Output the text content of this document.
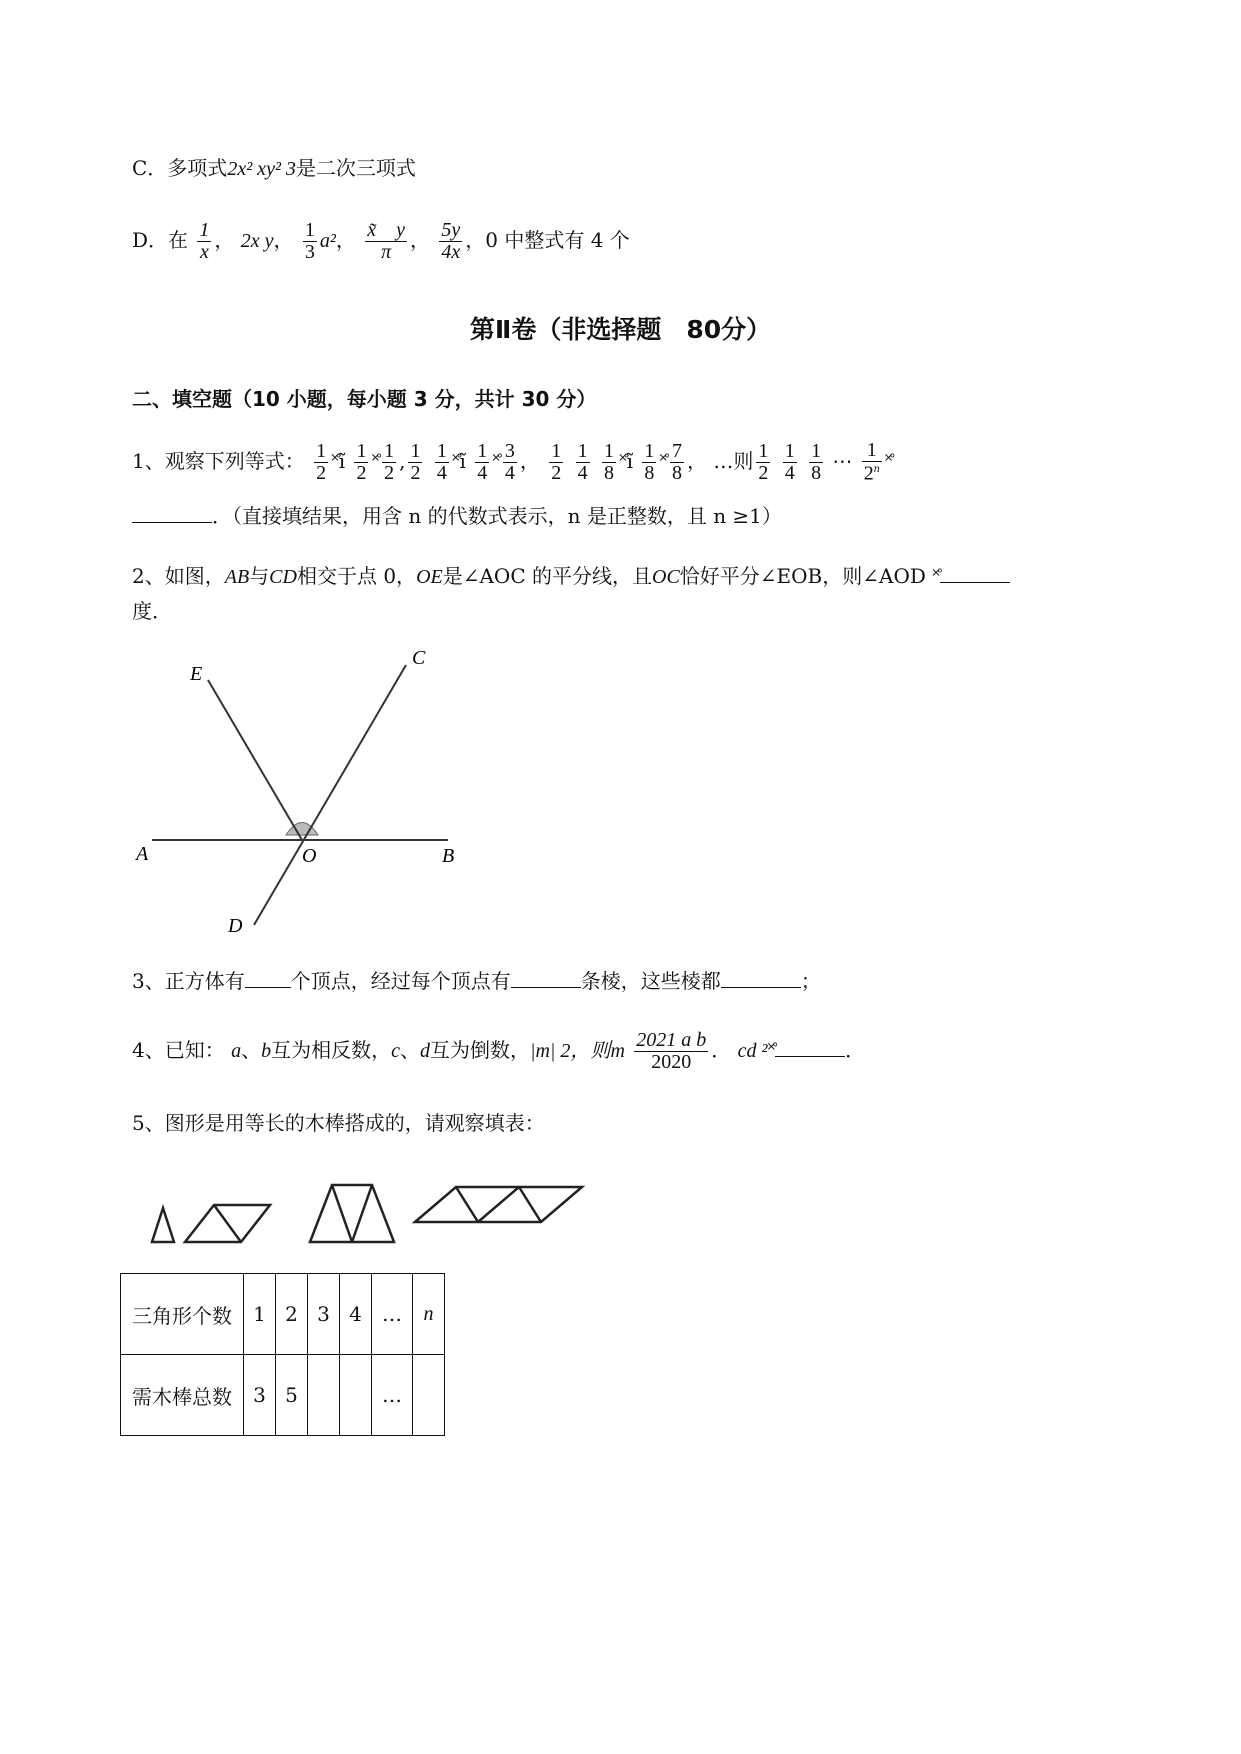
C．多项式2x² xy² 3是二次三项式
D．在 $\frac{1}{x}$ ， 2x y， $\frac{1}{3} a^2$， $\frac{x̃ y}{\pi}$ ， $\frac{5y}{4x}$ ，0 中整式有 4 个
第Ⅱ卷（非选择题　80分）
二、填空题（10 小题，每小题 3 分，共计 30 分）
1、观察下列等式： $\frac{1}{2}$ ˟̊ĩ $\frac{1}{2}$ ˟̊ $\frac{1}{2}$ , $\frac{1}{2}$
$\frac{1}{4}$ ˟̊ĩ $\frac{1}{4}$ ˟̊ $\frac{3}{4}$ ， $\frac{1}{2}$
$\frac{1}{4}$
$\frac{1}{8}$ ˟̊ĩ $\frac{1}{8}$ ˟̊ $\frac{7}{8}$ ， …则 $\frac{1}{2}$
$\frac{1}{4}$
$\frac{1}{8}$ ⋯ $\frac{1}{2^n}$ ˟̊
．（直接填结果，用含 n 的代数式表示，n 是正整数，且 n ≥1）
2、如图，AB与CD相交于点 0，OE是∠AOC 的平分线，且OC恰好平分∠EOB，则∠AOD ˟̊
度．
E
C
A	O	B
D
3、正方体有 个顶点，经过每个顶点有	条棱，这些棱都	；
4、已知： a、b互为相反数，c、d互为倒数，|m| 2，则m $\frac{\text{2021 a b}}{2020}$ ． cd ²˟̊	．
5、图形是用等长的木棒搭成的，请观察填表：
三角形个数	1	2	3	4	…	n
需木棒总数	3	5			…	
